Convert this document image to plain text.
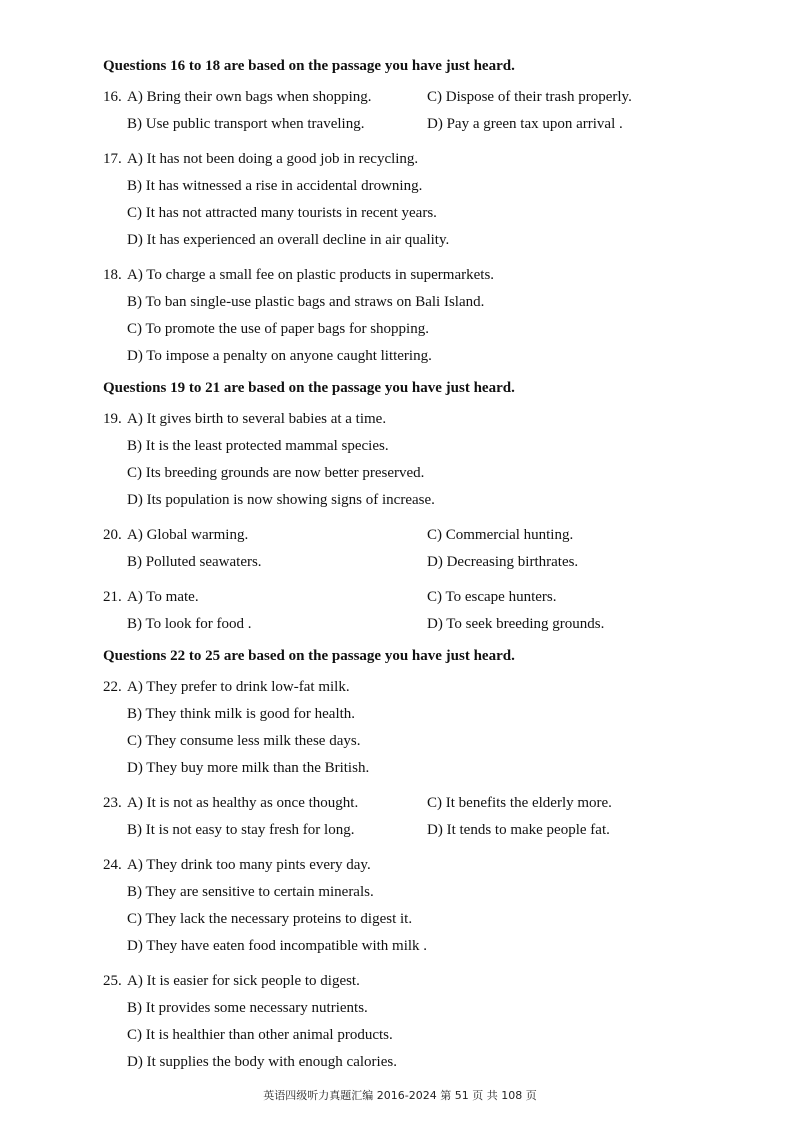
Questions 16 to 18 are based on the passage you have just heard.
16. A) Bring their own bags when shopping.	C) Dispose of their trash properly.
B) Use public transport when traveling.	D) Pay a green tax upon arrival .
17. A) It has not been doing a good job in recycling.
B) It has witnessed a rise in accidental drowning.
C) It has not attracted many tourists in recent years.
D) It has experienced an overall decline in air quality.
18. A) To charge a small fee on plastic products in supermarkets.
B) To ban single-use plastic bags and straws on Bali Island.
C) To promote the use of paper bags for shopping.
D) To impose a penalty on anyone caught littering.
Questions 19 to 21 are based on the passage you have just heard.
19. A) It gives birth to several babies at a time.
B) It is the least protected mammal species.
C) Its breeding grounds are now better preserved.
D) Its population is now showing signs of increase.
20. A) Global warming.	C) Commercial hunting.
B) Polluted seawaters.	D) Decreasing birthrates.
21. A) To mate.	C) To escape hunters.
B) To look for food .	D) To seek breeding grounds.
Questions 22 to 25 are based on the passage you have just heard.
22. A) They prefer to drink low-fat milk.
B) They think milk is good for health.
C) They consume less milk these days.
D) They buy more milk than the British.
23. A) It is not as healthy as once thought.	C) It benefits the elderly more.
B) It is not easy to stay fresh for long.	D) It tends to make people fat.
24. A) They drink too many pints every day.
B) They are sensitive to certain minerals.
C) They lack the necessary proteins to digest it.
D) They have eaten food incompatible with milk .
25. A) It is easier for sick people to digest.
B) It provides some necessary nutrients.
C) It is healthier than other animal products.
D) It supplies the body with enough calories.
英语四级听力真题汇编 2016-2024 第 51 页 共 108 页
